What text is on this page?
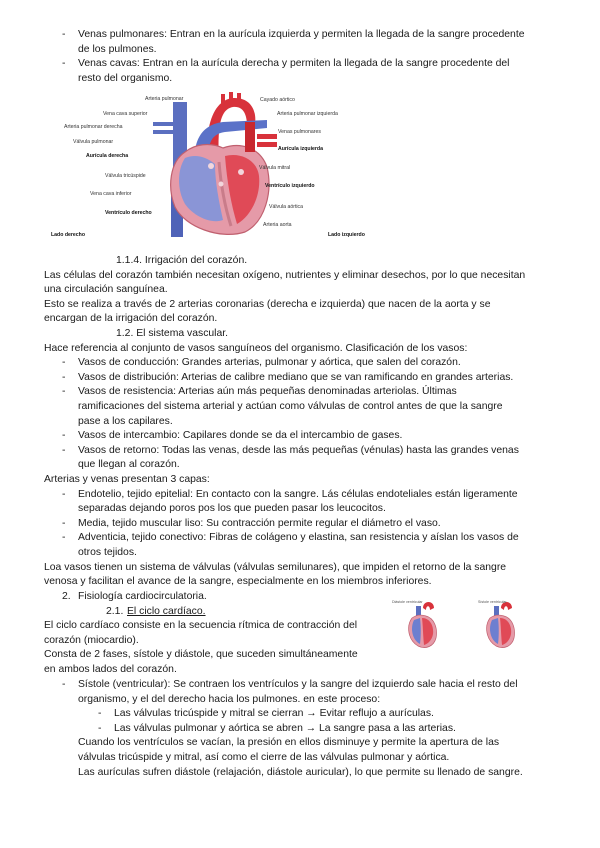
- Venas pulmonares: Entran en la aurícula izquierda y permiten la llegada de la sangre procedente
de los pulmones.
- Venas cavas: Entran en la aurícula derecha y permiten la llegada de la sangre procedente del
resto del organismo.
Arteria pulmonar
Vena cava superior
Arteria pulmonar derecha
Válvula pulmonar
Aurícula derecha
Válvula tricúspide
Vena cava inferior
Ventrículo derecho
Cayado aórtico
Arteria pulmonar izquierda
Venas pulmonares
Aurícula izquierda
Válvula mitral
Ventrículo izquierdo
Válvula aórtica
Arteria aorta
Lado derecho	Lado izquierdo
1.1.4. Irrigación del corazón.
Las células del corazón también necesitan oxígeno, nutrientes y eliminar desechos, por lo que necesitan
una circulación sanguínea.
Esto se realiza a través de 2 arterias coronarias (derecha e izquierda) que nacen de la aorta y se
encargan de la irrigación del corazón.
1.2. El sistema vascular.
Hace referencia al conjunto de vasos sanguíneos del organismo. Clasificación de los vasos:
- Vasos de conducción: Grandes arterias, pulmonar y aórtica, que salen del corazón.
- Vasos de distribución: Arterias de calibre mediano que se van ramificando en grandes arterias.
- Vasos de resistencia: Arterias aún más pequeñas denominadas arteriolas. Últimas
ramificaciones del sistema arterial y actúan como válvulas de control antes de que la sangre
pase a los capilares.
- Vasos de intercambio: Capilares donde se da el intercambio de gases.
- Vasos de retorno: Todas las venas, desde las más pequeñas (vénulas) hasta las grandes venas
que llegan al corazón.
Arterias y venas presentan 3 capas:
- Endotelio, tejido epitelial: En contacto con la sangre. Lás células endoteliales están ligeramente
separadas dejando poros pos los que pueden pasar los leucocitos.
- Media, tejido muscular liso: Su contracción permite regular el diámetro el vaso.
- Adventicia, tejido conectivo: Fibras de colágeno y elastina, san resistencia y aíslan los vasos de
otros tejidos.
Loa vasos tienen un sistema de válvulas (válvulas semilunares), que impiden el retorno de la sangre
venosa y facilitan el avance de la sangre, especialmente en los miembros inferiores.
2. Fisiología cardiocirculatoria.
2.1. El ciclo cardíaco.
El ciclo cardíaco consiste en la secuencia rítmica de contracción del
corazón (miocardio).
Consta de 2 fases, sístole y diástole, que suceden simultáneamente
en ambos lados del corazón.
Diástole ventricular	Sístole ventricular
- Sístole (ventricular): Se contraen los ventrículos y la sangre del izquierdo sale hacia el resto del
organismo, y el del derecho hacia los pulmones. en este proceso:
- Las válvulas tricúspide y mitral se cierran → Evitar reflujo a aurículas.
- Las válvulas pulmonar y aórtica se abren → La sangre pasa a las arterias.
Cuando los ventrículos se vacían, la presión en ellos disminuye y permite la apertura de las
válvulas tricúspide y mitral, así como el cierre de las válvulas pulmonar y aórtica.
Las aurículas sufren diástole (relajación, diástole auricular), lo que permite su llenado de sangre.
